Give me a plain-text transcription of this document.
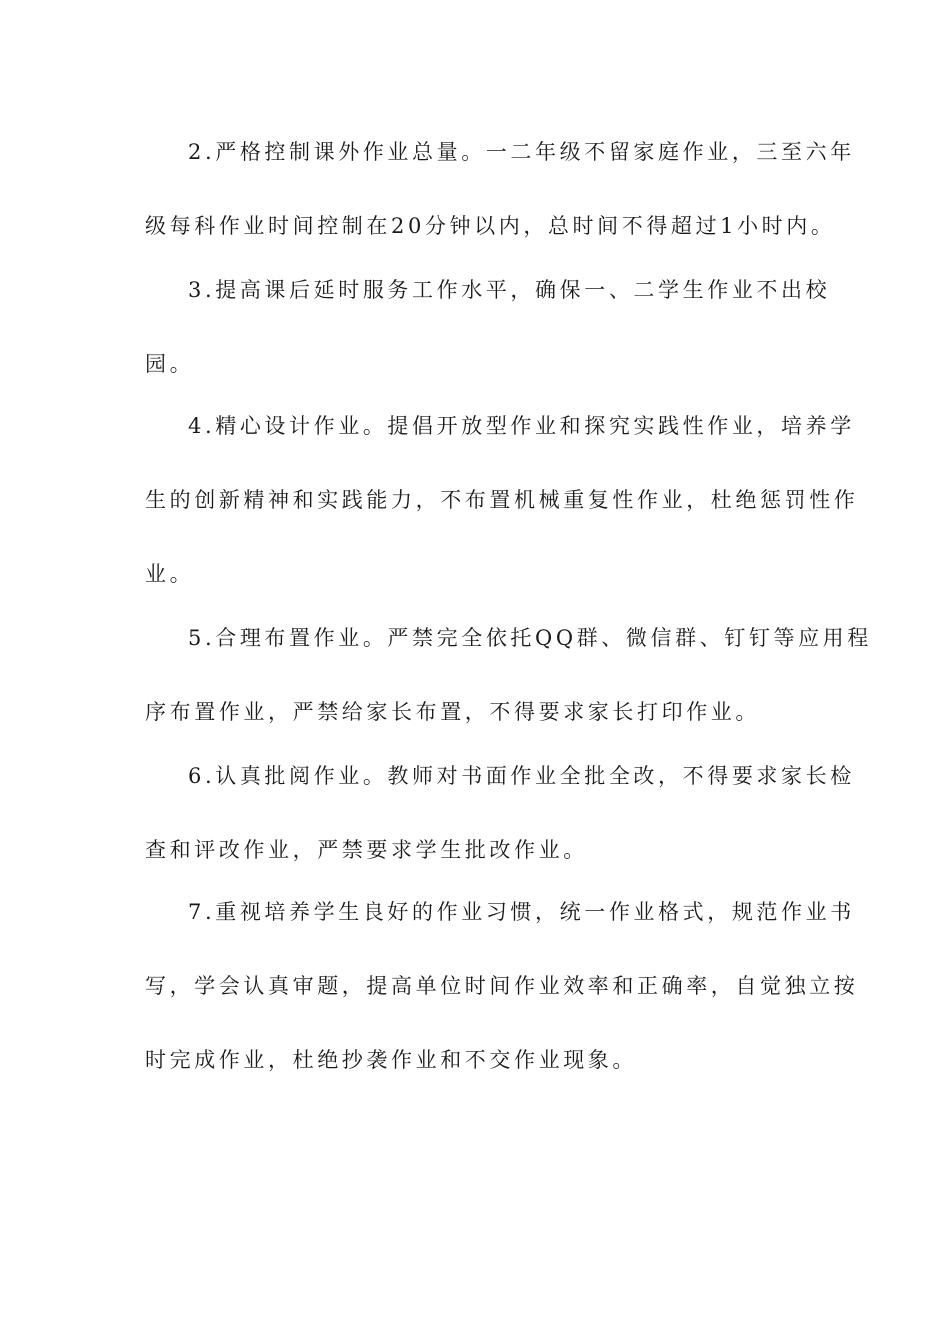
2.严格控制课外作业总量。一二年级不留家庭作业，三至六年
级每科作业时间控制在20分钟以内，总时间不得超过1小时内。
3.提高课后延时服务工作水平，确保一、二学生作业不出校
园。
4.精心设计作业。提倡开放型作业和探究实践性作业，培养学
生的创新精神和实践能力，不布置机械重复性作业，杜绝惩罚性作
业。
5.合理布置作业。严禁完全依托QQ群、微信群、钉钉等应用程
序布置作业，严禁给家长布置，不得要求家长打印作业。
6.认真批阅作业。教师对书面作业全批全改，不得要求家长检
查和评改作业，严禁要求学生批改作业。
7.重视培养学生良好的作业习惯，统一作业格式，规范作业书
写，学会认真审题，提高单位时间作业效率和正确率，自觉独立按
时完成作业，杜绝抄袭作业和不交作业现象。
